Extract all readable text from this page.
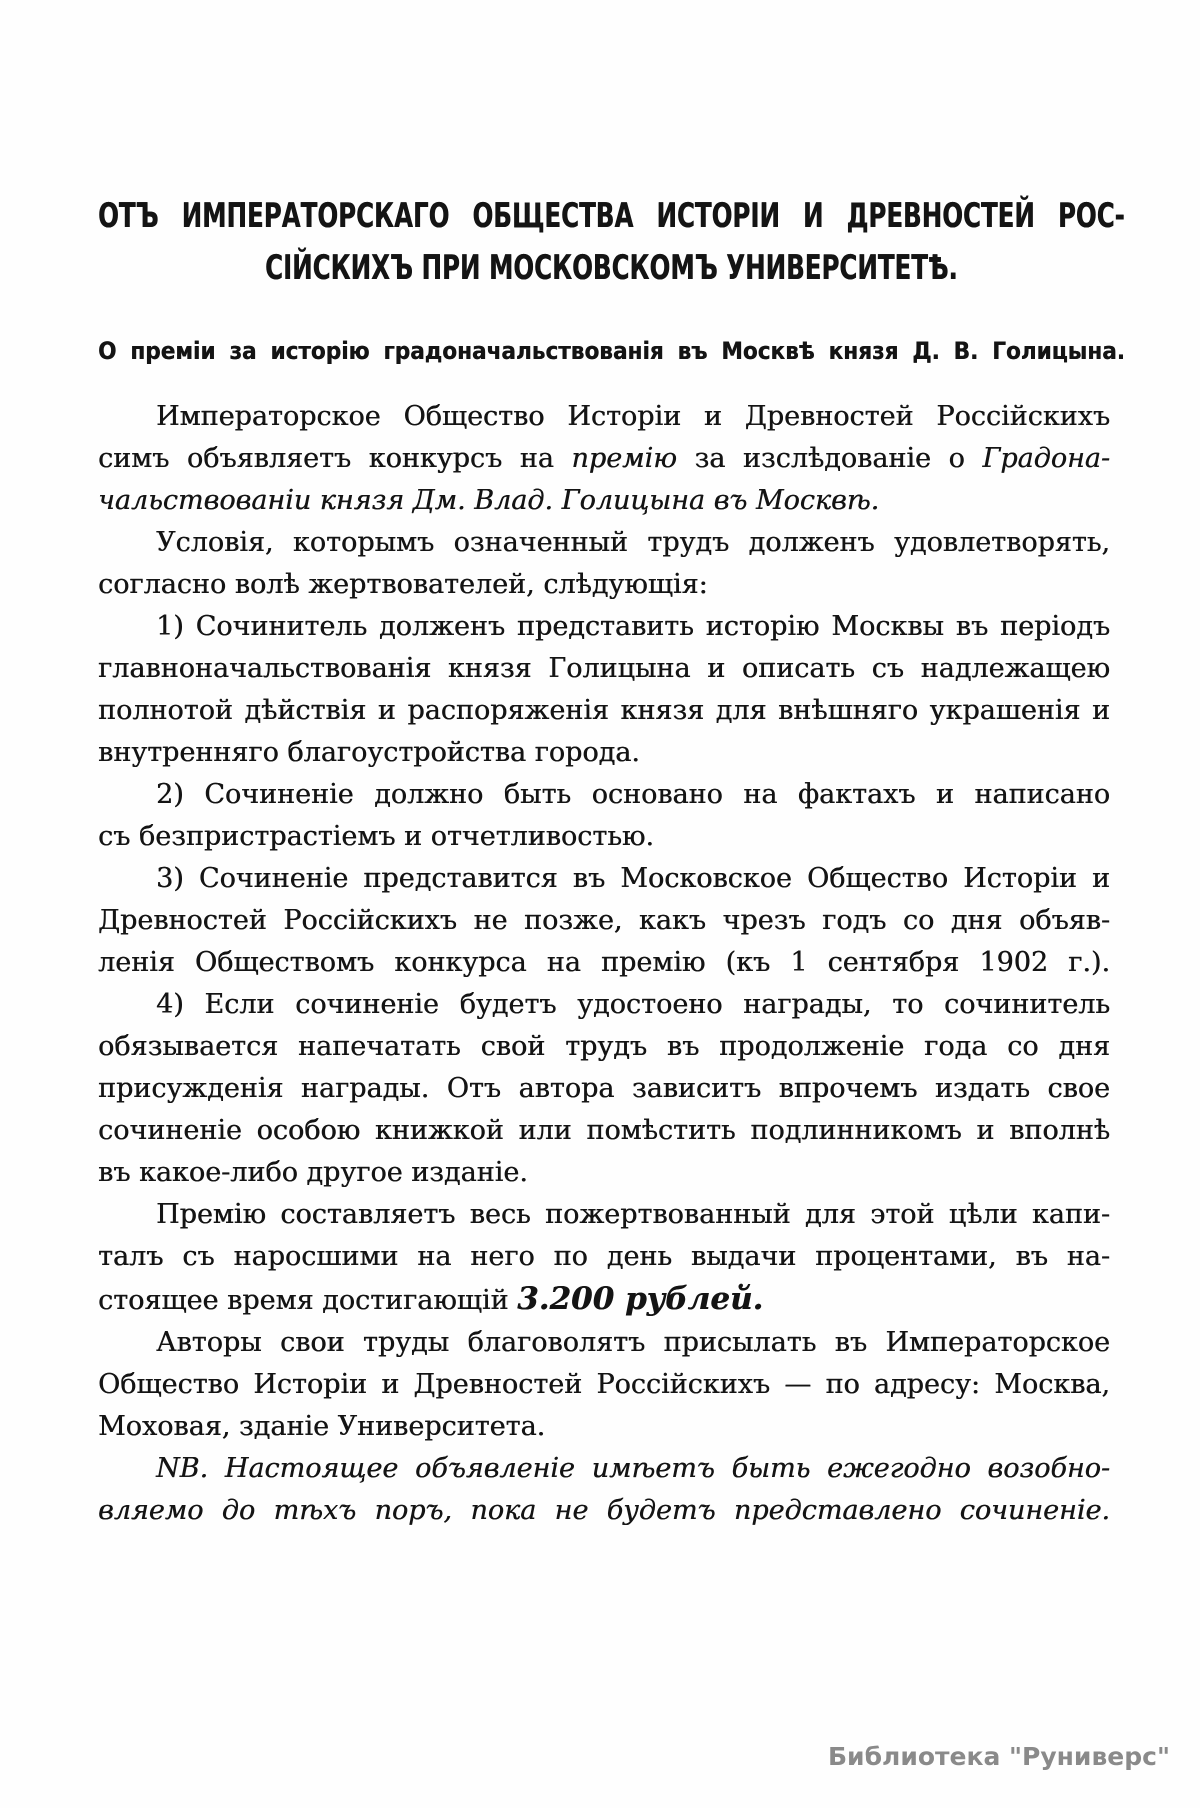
ОТЪ ИМПЕРАТОРСКАГО ОБЩЕСТВА ИСТОРІИ И ДРЕВНОСТЕЙ РОС-
СІЙСКИХЪ ПРИ МОСКОВСКОМЪ УНИВЕРСИТЕТѢ.
О преміи за исторію градоначальствованія въ Москвѣ князя Д. В. Голицына.
Императорское Общество Исторіи и Древностей Россійскихъ
симъ объявляетъ конкурсъ на премію за изслѣдованіе о Градона-
чальствованіи князя Дм. Влад. Голицына въ Москвѣ.
Условія, которымъ означенный трудъ долженъ удовлетворять,
согласно волѣ жертвователей, слѣдующія:
1) Сочинитель долженъ представить исторію Москвы въ періодъ
главноначальствованія князя Голицына и описать съ надлежащею
полнотой дѣйствія и распоряженія князя для внѣшняго украшенія и
внутренняго благоустройства города.
2) Сочиненіе должно быть основано на фактахъ и написано
съ безпристрастіемъ и отчетливостью.
3) Сочиненіе представится въ Московское Общество Исторіи и
Древностей Россійскихъ не позже, какъ чрезъ годъ со дня объяв-
ленія Обществомъ конкурса на премію (къ 1 сентября 1902 г.).
4) Если сочиненіе будетъ удостоено награды, то сочинитель
обязывается напечатать свой трудъ въ продолженіе года со дня
присужденія награды. Отъ автора зависитъ впрочемъ издать свое
сочиненіе особою книжкой или помѣстить подлинникомъ и вполнѣ
въ какое-либо другое изданіе.
Премію составляетъ весь пожертвованный для этой цѣли капи-
талъ съ наросшими на него по день выдачи процентами, въ на-
стоящее время достигающій 3.200 рублей.
Авторы свои труды благоволятъ присылать въ Императорское
Общество Исторіи и Древностей Россійскихъ — по адресу: Москва,
Моховая, зданіе Университета.
NB. Настоящее объявленіе имѣетъ быть ежегодно возобно-
вляемо до тѣхъ поръ, пока не будетъ представлено сочиненіе.
Библиотека "Руниверс"
